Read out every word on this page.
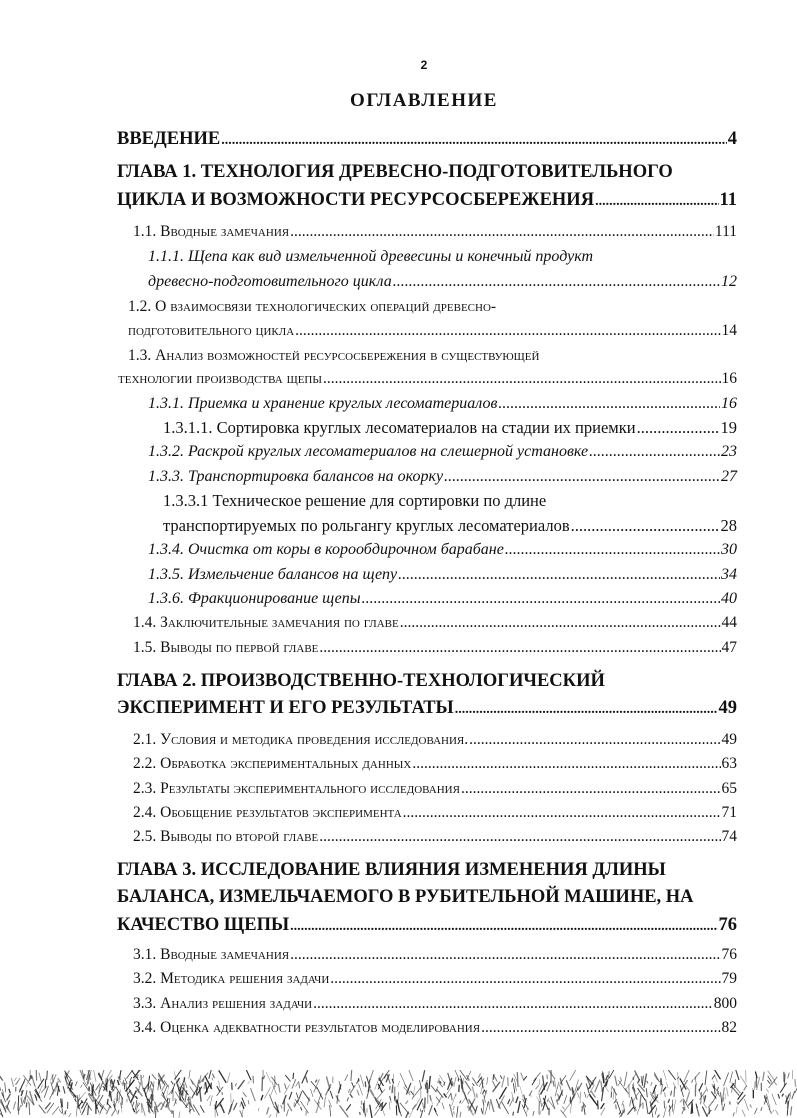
2
ОГЛАВЛЕНИЕ
ВВЕДЕНИЕ .....	4
ГЛАВА 1. ТЕХНОЛОГИЯ ДРЕВЕСНО-ПОДГОТОВИТЕЛЬНОГО
ЦИКЛА И ВОЗМОЖНОСТИ РЕСУРСОСБЕРЕЖЕНИЯ .....	11
1.1. Вводные замечания .....	111
1.1.1. Щепа как вид измельченной древесины и конечный продукт
древесно-подготовительного цикла .....	12
1.2. О взаимосвязи технологических операций древесно-
подготовительного цикла .....	14
1.3. Анализ возможностей ресурсосбережения в существующей
технологии производства щепы .....	16
1.3.1. Приемка и хранение круглых лесоматериалов .....	16
1.3.1.1. Сортировка круглых лесоматериалов на стадии их приемки .....	19
1.3.2. Раскрой круглых лесоматериалов на слешерной установке .....	23
1.3.3. Транспортировка балансов на окорку .....	27
1.3.3.1 Техническое решение для сортировки по длине
транспортируемых по рольгангу круглых лесоматериалов .....	28
1.3.4. Очистка от коры в корообдирочном барабане .....	30
1.3.5. Измельчение балансов на щепу .....	34
1.3.6. Фракционирование щепы .....	40
1.4. Заключительные замечания по главе .....	44
1.5. Выводы по первой главе .....	47
ГЛАВА 2. ПРОИЗВОДСТВЕННО-ТЕХНОЛОГИЧЕСКИЙ
ЭКСПЕРИМЕНТ И ЕГО РЕЗУЛЬТАТЫ .....	49
2.1. Условия и методика проведения исследования. .....	49
2.2. Обработка экспериментальных данных .....	63
2.3. Результаты экспериментального исследования .....	65
2.4. Обобщение результатов эксперимента .....	71
2.5. Выводы по второй главе .....	74
ГЛАВА 3. ИССЛЕДОВАНИЕ ВЛИЯНИЯ ИЗМЕНЕНИЯ ДЛИНЫ
БАЛАНСА, ИЗМЕЛЬЧАЕМОГО В РУБИТЕЛЬНОЙ МАШИНЕ, НА
КАЧЕСТВО ЩЕПЫ .....	76
3.1. Вводные замечания .....	76
3.2. Методика решения задачи .....	79
3.3. Анализ решения задачи .....	800
3.4. Оценка адекватности результатов моделирования .....	82
